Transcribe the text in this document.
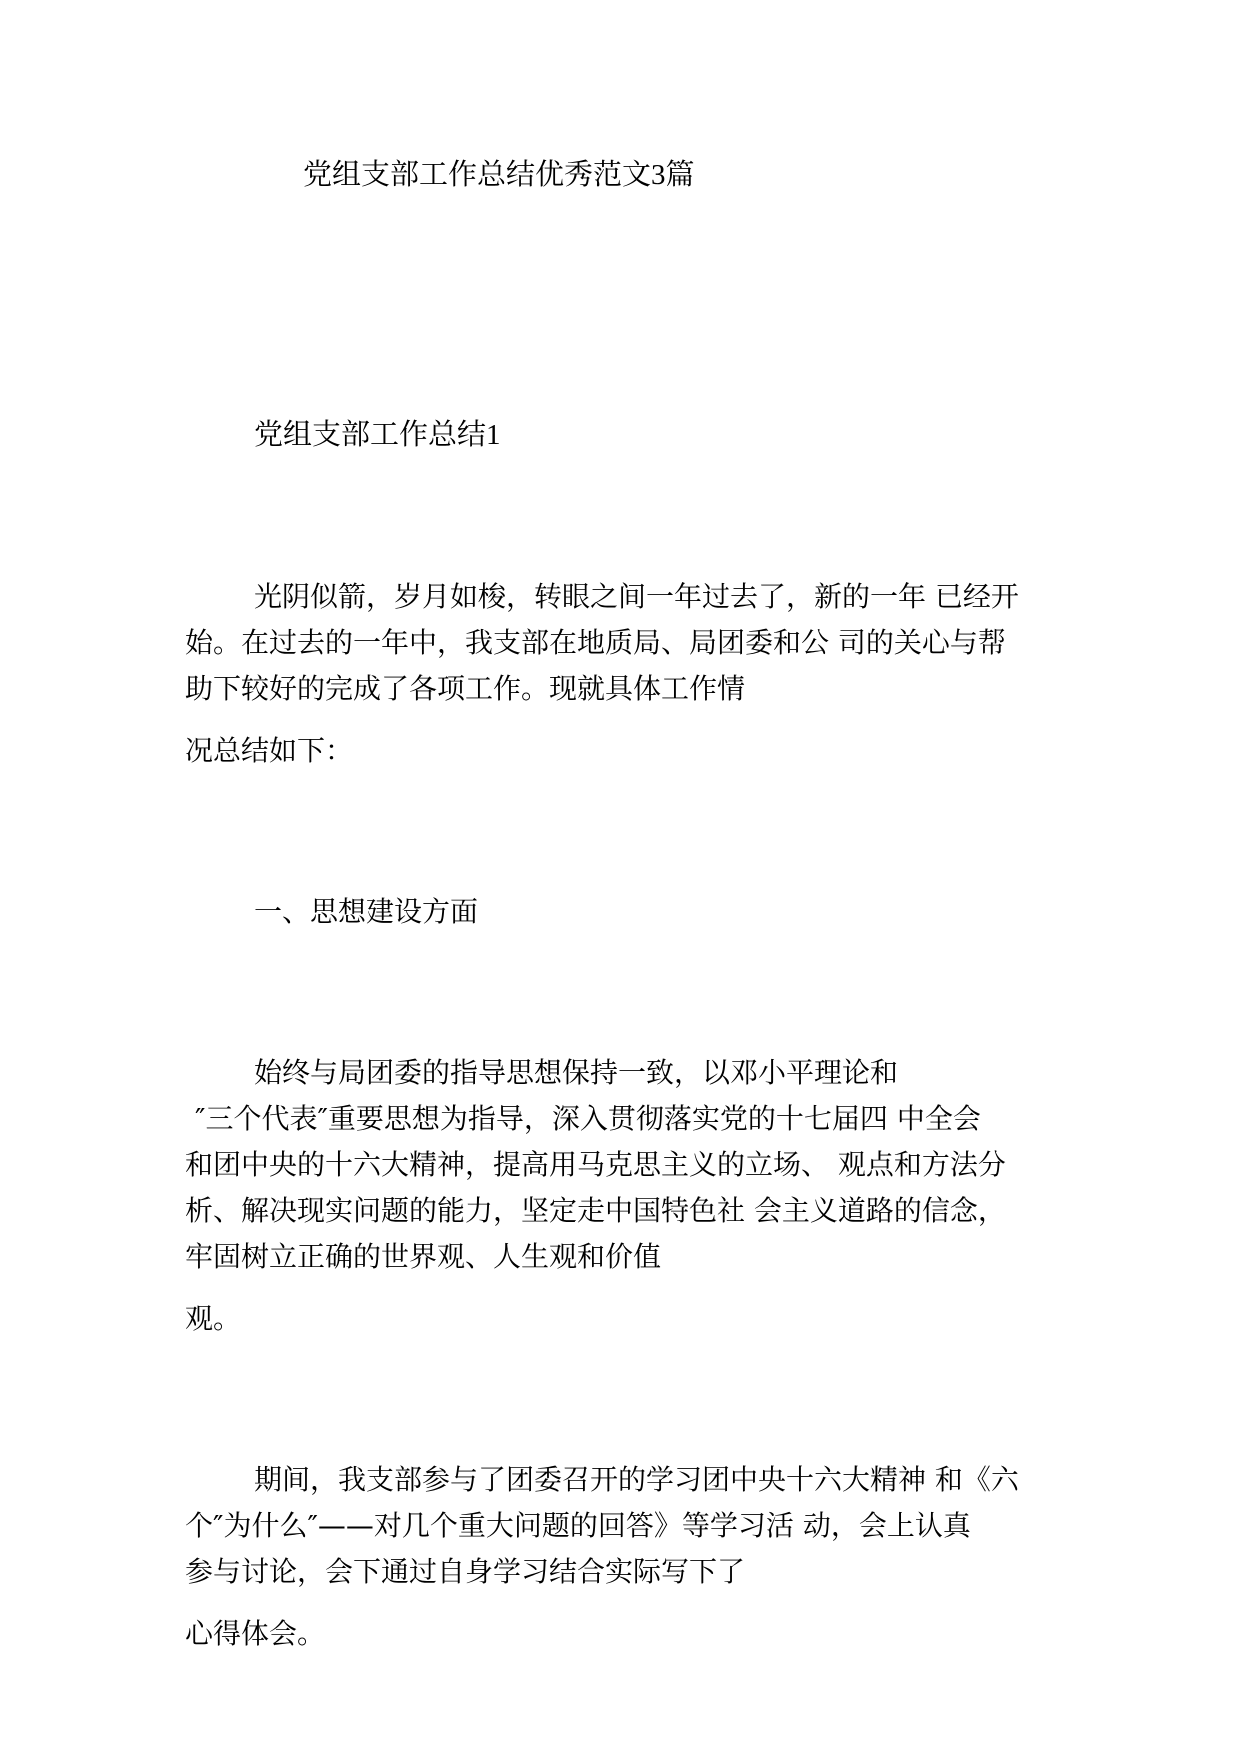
党组支部工作总结优秀范文3篇

党组支部工作总结1

光阴似箭，岁月如梭，转眼之间一年过去了，新的一年 已经开

始。在过去的一年中，我支部在地质局、局团委和公 司的关心与帮

助下较好的完成了各项工作。现就具体工作情

况总结如下：

一、思想建设方面

始终与局团委的指导思想保持一致，以邓小平理论和

″三个代表″重要思想为指导，深入贯彻落实党的十七届四 中全会

和团中央的十六大精神，提高用马克思主义的立场、 观点和方法分

析、解决现实问题的能力，坚定走中国特色社 会主义道路的信念，

牢固树立正确的世界观、人生观和价值

观。

期间，我支部参与了团委召开的学习团中央十六大精神 和《六

个″为什么″——对几个重大问题的回答》等学习活 动，会上认真

参与讨论，会下通过自身学习结合实际写下了

心得体会。
